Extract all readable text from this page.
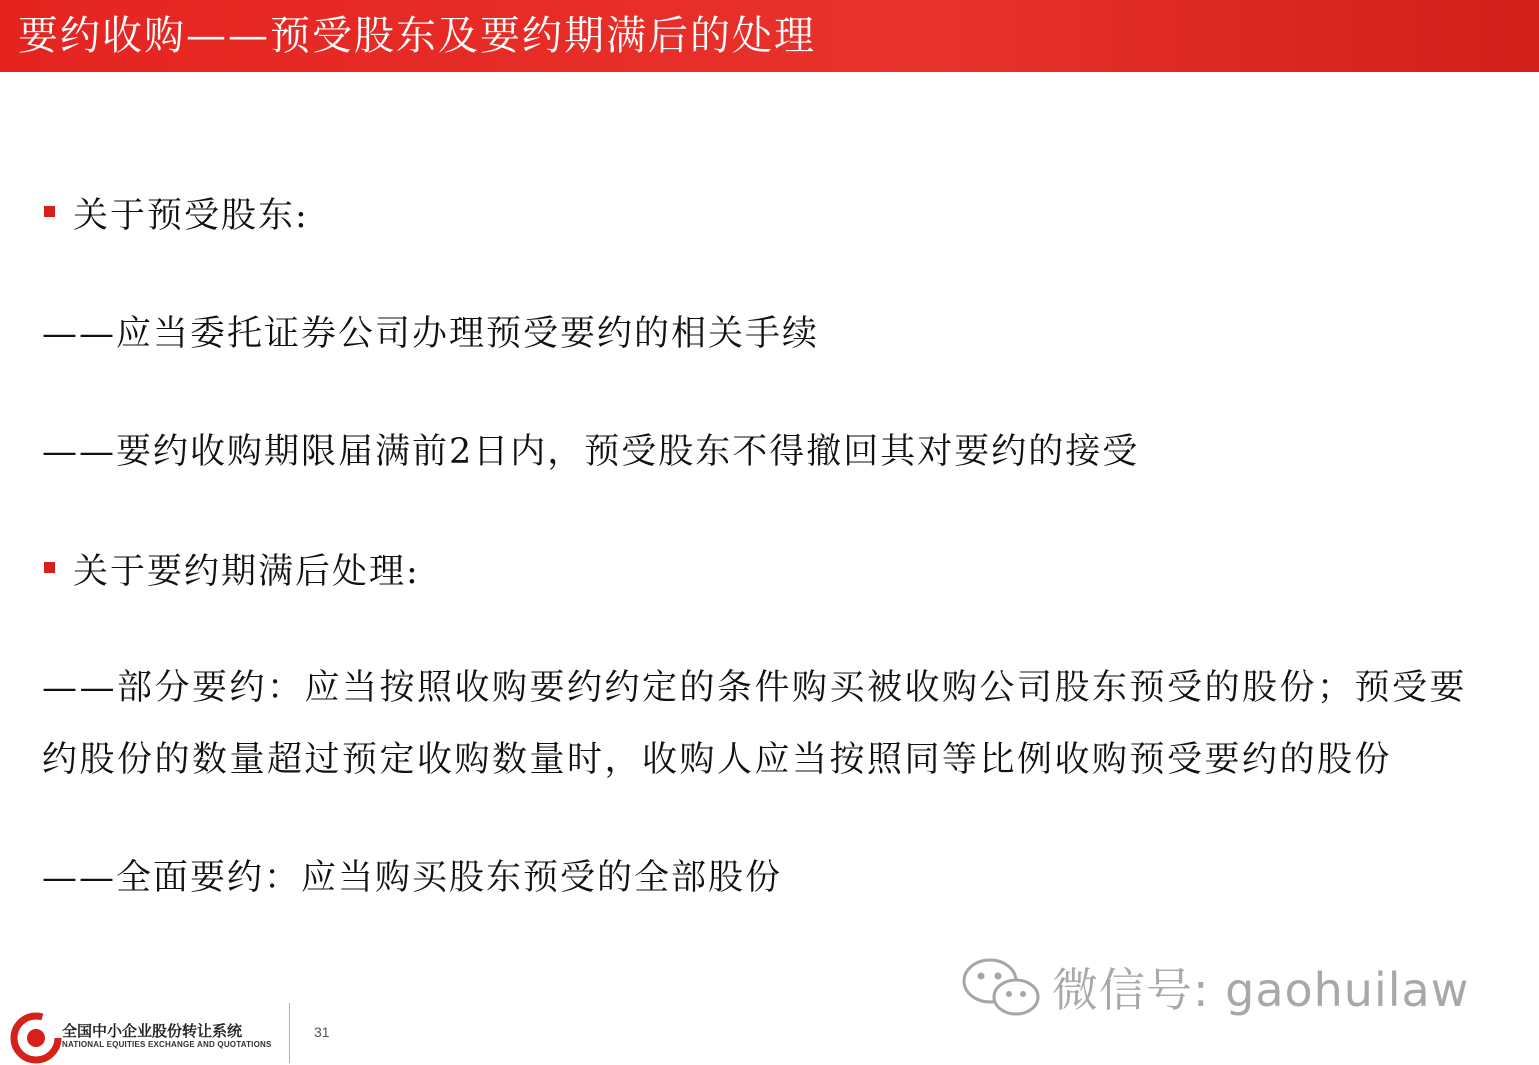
要约收购——预受股东及要约期满后的处理
关于预受股东:
——应当委托证券公司办理预受要约的相关手续
——要约收购期限届满前2日内，预受股东不得撤回其对要约的接受
关于要约期满后处理:
——部分要约：应当按照收购要约约定的条件购买被收购公司股东预受的股份；预受要约股份的数量超过预定收购数量时，收购人应当按照同等比例收购预受要约的股份
——全面要约：应当购买股东预受的全部股份
微信号: gaohuilaw
全国中小企业股份转让系统
NATIONAL EQUITIES EXCHANGE AND QUOTATIONS
31
